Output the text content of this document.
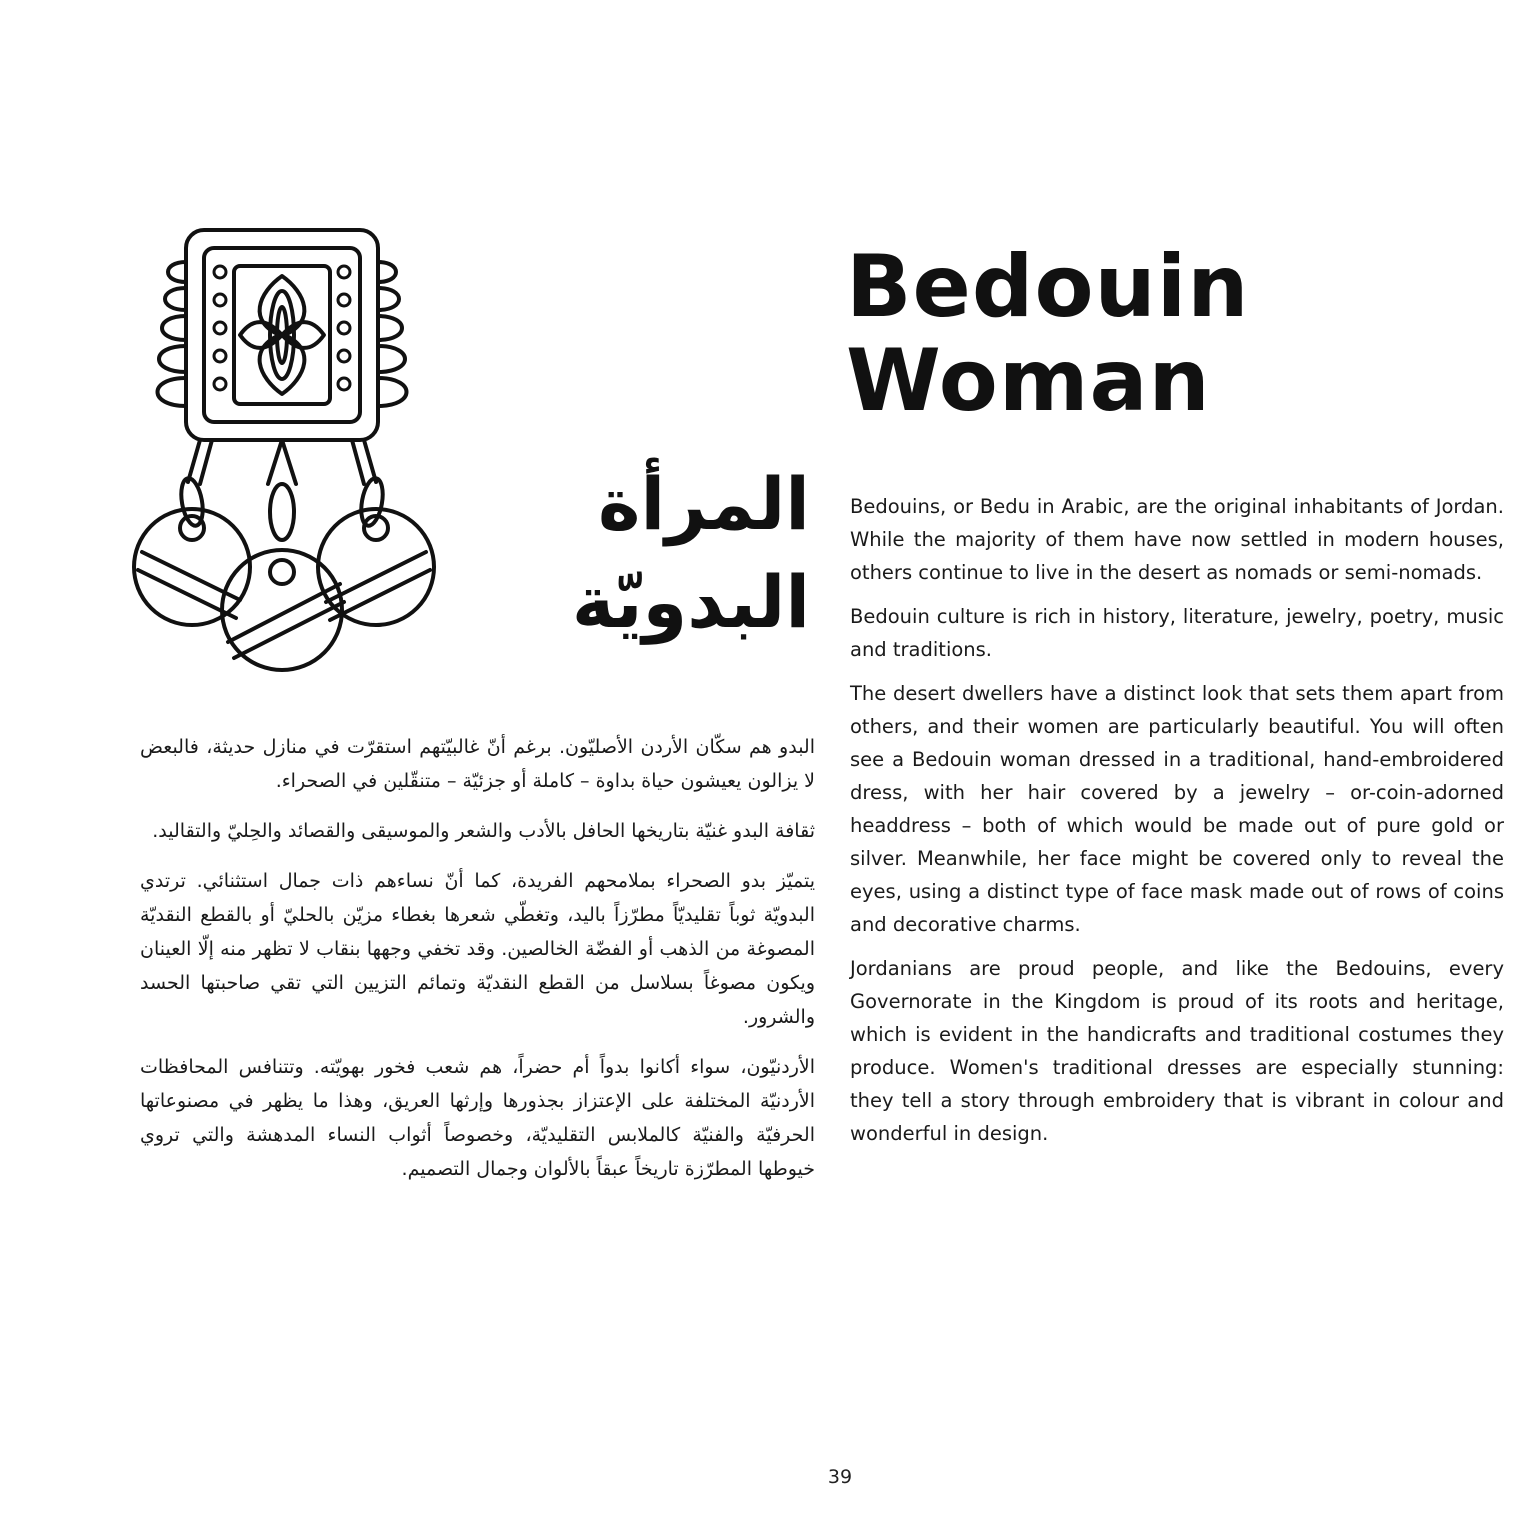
Bedouin
Woman
المرأة
البدويّة

Bedouins, or Bedu in Arabic, are the original inhabitants of Jordan. While the majority of them have now settled in modern houses, others continue to live in the desert as nomads or semi-nomads.

Bedouin culture is rich in history, literature, jewelry, poetry, music and traditions.

The desert dwellers have a distinct look that sets them apart from others, and their women are particularly beautiful. You will often see a Bedouin woman dressed in a traditional, hand-embroidered dress, with her hair covered by a jewelry – or-coin-adorned headdress – both of which would be made out of pure gold or silver. Meanwhile, her face might be covered only to reveal the eyes, using a distinct type of face mask made out of rows of coins and decorative charms.

Jordanians are proud people, and like the Bedouins, every Governorate in the Kingdom is proud of its roots and heritage, which is evident in the handicrafts and traditional costumes they produce. Women's traditional dresses are especially stunning: they tell a story through embroidery that is vibrant in colour and wonderful in design.

البدو هم سكّان الأردن الأصليّون. برغم أنّ غالبيّتهم استقرّت في منازل حديثة، فالبعض لا يزالون يعيشون حياة بداوة – كاملة أو جزئيّة – متنقّلين في الصحراء.

ثقافة البدو غنيّة بتاريخها الحافل بالأدب والشعر والموسيقى والقصائد والحِليّ والتقاليد.

يتميّز بدو الصحراء بملامحهم الفريدة، كما أنّ نساءهم ذات جمال استثنائي. ترتدي البدويّة ثوباً تقليديّاً مطرّزاً باليد، وتغطّي شعرها بغطاء مزيّن بالحليّ أو بالقطع النقديّة المصوغة من الذهب أو الفضّة الخالصين. وقد تخفي وجهها بنقاب لا تظهر منه إلّا العينان ويكون مصوغاً بسلاسل من القطع النقديّة وتمائم التزيين التي تقي صاحبتها الحسد والشرور.

الأردنيّون، سواء أكانوا بدواً أم حضراً، هم شعب فخور بهويّته. وتتنافس المحافظات الأردنيّة المختلفة على الإعتزاز بجذورها وإرثها العريق، وهذا ما يظهر في مصنوعاتها الحرفيّة والفنيّة كالملابس التقليديّة، وخصوصاً أثواب النساء المدهشة والتي تروي خيوطها المطرّزة تاريخاً عبقاً بالألوان وجمال التصميم.

39
